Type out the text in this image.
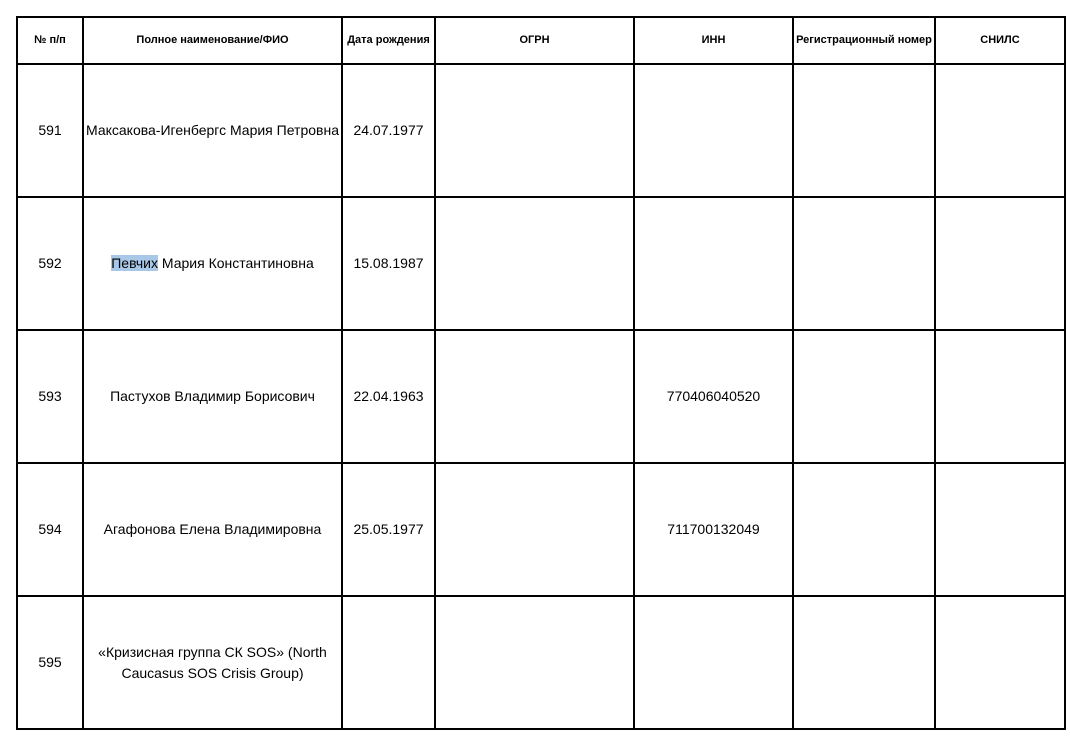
№ п/п	Полное наименование/ФИО	Дата рождения	ОГРН	ИНН	Регистрационный номер	СНИЛС
591	Максакова-Игенбергс Мария Петровна	24.07.1977				
592	Певчих Мария Константиновна	15.08.1987				
593	Пастухов Владимир Борисович	22.04.1963		770406040520		
594	Агафонова Елена Владимировна	25.05.1977		711700132049		
595	«Кризисная группа СК SOS» (North Caucasus SOS Crisis Group)					
